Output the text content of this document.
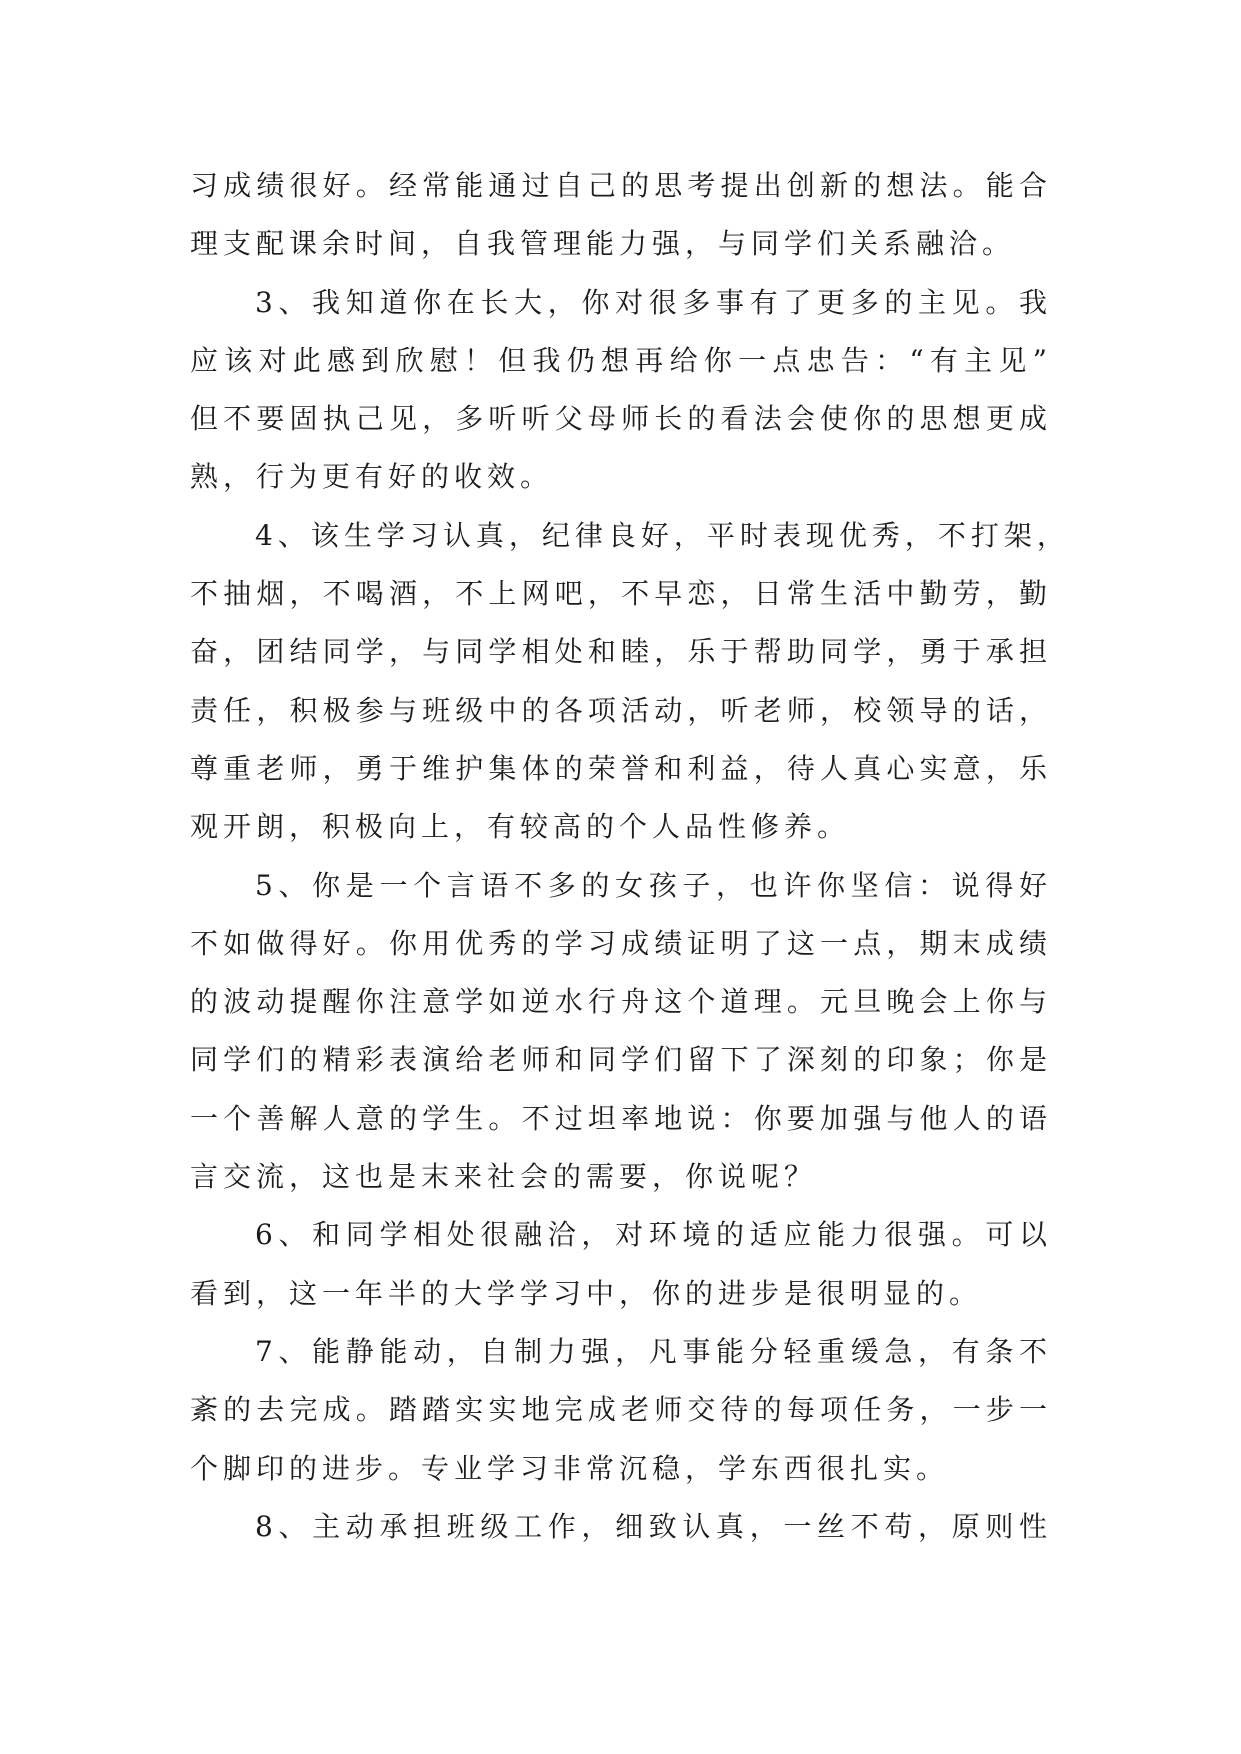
习成绩很好。经常能通过自己的思考提出创新的想法。能合
理支配课余时间，自我管理能力强，与同学们关系融洽。
3、我知道你在长大，你对很多事有了更多的主见。我
应该对此感到欣慰！但我仍想再给你一点忠告：“有主见”
但不要固执己见，多听听父母师长的看法会使你的思想更成
熟，行为更有好的收效。
4、该生学习认真，纪律良好，平时表现优秀，不打架，
不抽烟，不喝酒，不上网吧，不早恋，日常生活中勤劳，勤
奋，团结同学，与同学相处和睦，乐于帮助同学，勇于承担
责任，积极参与班级中的各项活动，听老师，校领导的话，
尊重老师，勇于维护集体的荣誉和利益，待人真心实意，乐
观开朗，积极向上，有较高的个人品性修养。
5、你是一个言语不多的女孩子，也许你坚信：说得好
不如做得好。你用优秀的学习成绩证明了这一点，期末成绩
的波动提醒你注意学如逆水行舟这个道理。元旦晚会上你与
同学们的精彩表演给老师和同学们留下了深刻的印象；你是
一个善解人意的学生。不过坦率地说：你要加强与他人的语
言交流，这也是末来社会的需要，你说呢？
6、和同学相处很融洽，对环境的适应能力很强。可以
看到，这一年半的大学学习中，你的进步是很明显的。
7、能静能动，自制力强，凡事能分轻重缓急，有条不
紊的去完成。踏踏实实地完成老师交待的每项任务，一步一
个脚印的进步。专业学习非常沉稳，学东西很扎实。
8、主动承担班级工作，细致认真，一丝不苟，原则性
